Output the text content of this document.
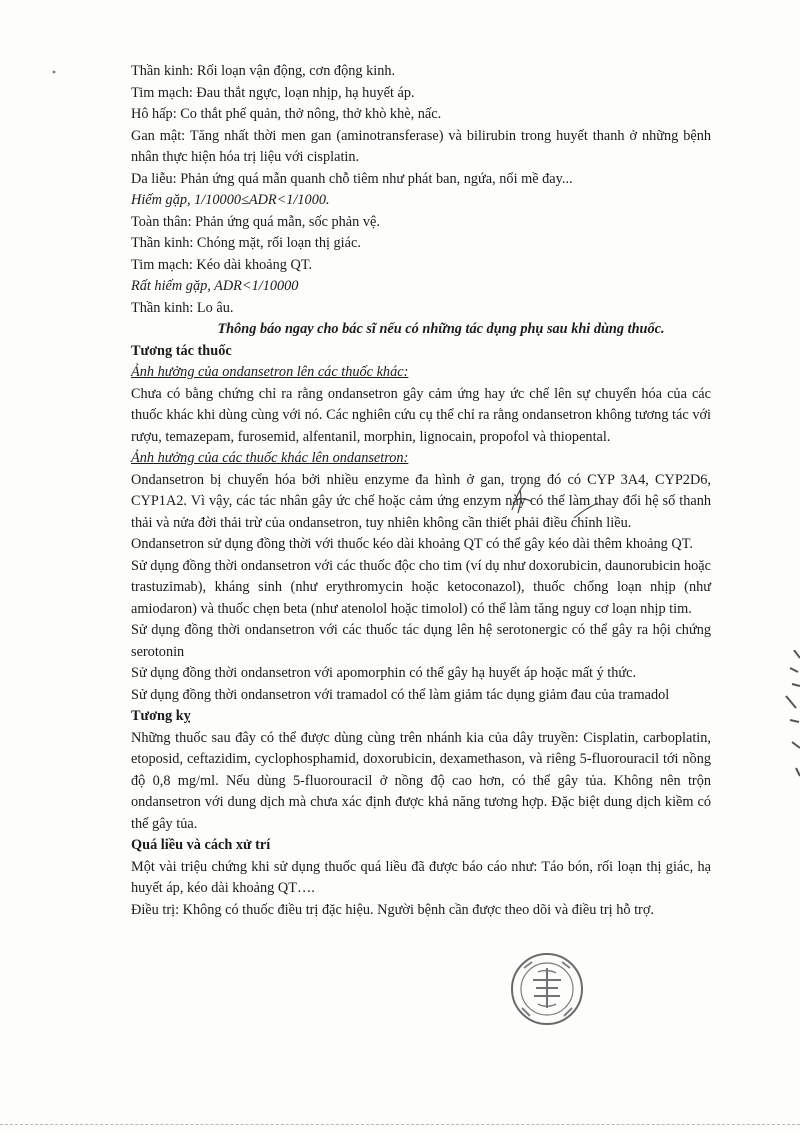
Thần kinh: Rối loạn vận động, cơn động kinh.

Tim mạch: Đau thắt ngực, loạn nhịp, hạ huyết áp.

Hô hấp: Co thắt phế quản, thở nông, thở khò khè, nấc.

Gan mật: Tăng nhất thời men gan (aminotransferase) và bilirubin trong huyết thanh ở những bệnh nhân thực hiện hóa trị liệu với cisplatin.

Da liễu: Phản ứng quá mẫn quanh chỗ tiêm như phát ban, ngứa, nổi mề đay...

Hiếm gặp, 1/10000≤ADR<1/1000.

Toàn thân: Phản ứng quá mẫn, sốc phản vệ.

Thần kinh: Chóng mặt, rối loạn thị giác.

Tim mạch: Kéo dài khoảng QT.

Rất hiếm gặp, ADR<1/10000

Thần kinh: Lo âu.

Thông báo ngay cho bác sĩ nếu có những tác dụng phụ sau khi dùng thuốc.

Tương tác thuốc

Ảnh hưởng của ondansetron lên các thuốc khác:

Chưa có bằng chứng chỉ ra rằng ondansetron gây cảm ứng hay ức chế lên sự chuyển hóa của các thuốc khác khi dùng cùng với nó. Các nghiên cứu cụ thể chỉ ra rằng ondansetron không tương tác với rượu, temazepam, furosemid, alfentanil, morphin, lignocain, propofol và thiopental.

Ảnh hưởng của các thuốc khác lên ondansetron:

Ondansetron bị chuyển hóa bởi nhiều enzyme đa hình ở gan, trong đó có CYP 3A4, CYP2D6, CYP1A2. Vì vậy, các tác nhân gây ức chế hoặc cảm ứng enzym này có thể làm thay đổi hệ số thanh thải và nửa đời thải trừ của ondansetron, tuy nhiên không cần thiết phải điều chỉnh liều.

Ondansetron sử dụng đồng thời với thuốc kéo dài khoảng QT có thể gây kéo dài thêm khoảng QT.

Sử dụng đồng thời ondansetron với các thuốc độc cho tim (ví dụ như doxorubicin, daunorubicin hoặc trastuzimab), kháng sinh (như erythromycin hoặc ketoconazol), thuốc chống loạn nhịp (như amiodaron) và thuốc chẹn beta (như atenolol hoặc timolol) có thể làm tăng nguy cơ loạn nhịp tim.

Sử dụng đồng thời ondansetron với các thuốc tác dụng lên hệ serotonergic có thể gây ra hội chứng serotonin

Sử dụng đồng thời ondansetron với apomorphin có thể gây hạ huyết áp hoặc mất ý thức.

Sử dụng đồng thời ondansetron với tramadol có thể làm giảm tác dụng giảm đau của tramadol

Tương kỵ

Những thuốc sau đây có thể được dùng cùng trên nhánh kia của dây truyền: Cisplatin, carboplatin, etoposid, ceftazidim, cyclophosphamid, doxorubicin, dexamethason, và riêng 5-fluorouracil tới nồng độ 0,8 mg/ml. Nếu dùng 5-fluorouracil ở nồng độ cao hơn, có thể gây tủa. Không nên trộn ondansetron với dung dịch mà chưa xác định được khả năng tương hợp. Đặc biệt dung dịch kiềm có thể gây tủa.

Quá liều và cách xử trí

Một vài triệu chứng khi sử dụng thuốc quá liều đã được báo cáo như: Táo bón, rối loạn thị giác, hạ huyết áp, kéo dài khoảng QT….

Điều trị: Không có thuốc điều trị đặc hiệu. Người bệnh cần được theo dõi và điều trị hỗ trợ.
